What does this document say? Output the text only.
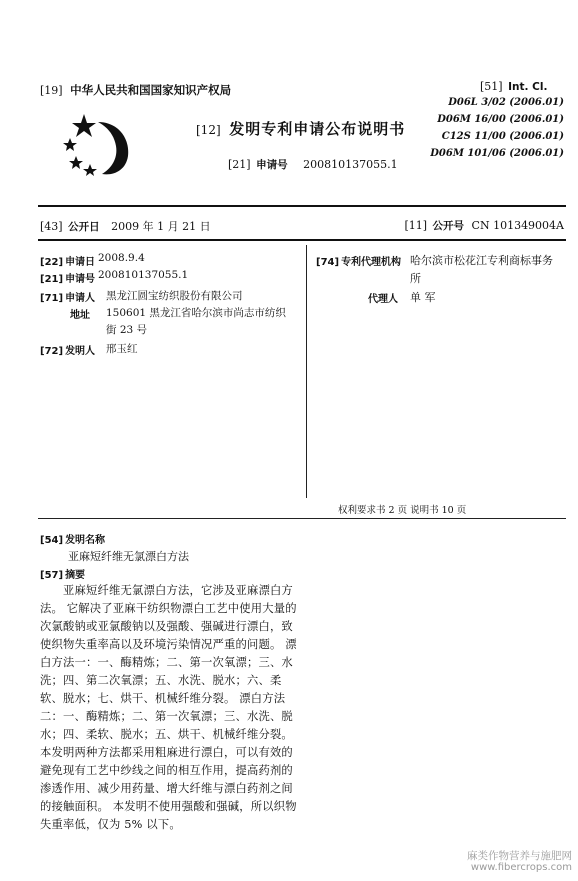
[19] 中华人民共和国国家知识产权局
[12] 发明专利申请公布说明书
[21] 申请号 200810137055.1
[51] Int. Cl.
D06L 3/02 (2006.01)
D06M 16/00 (2006.01)
C12S 11/00 (2006.01)
D06M 101/06 (2006.01)
[43] 公开日 2009 年 1 月 21 日	[11] 公开号 CN 101349004A
[22] 申请日 2008.9.4
[21] 申请号 200810137055.1
[71] 申请人 黑龙江圆宝纺织股份有限公司
地址 150601 黑龙江省哈尔滨市尚志市纺织
街 23 号
[72] 发明人 邢玉红
[74] 专利代理机构 哈尔滨市松花江专利商标事务
所
代理人 单 军
权利要求书 2 页 说明书 10 页
[54] 发明名称
亚麻短纤维无氯漂白方法
[57] 摘要
　　亚麻短纤维无氯漂白方法，它涉及亚麻漂白方
法。 它解决了亚麻干纺织物漂白工艺中使用大量的
次氯酸钠或亚氯酸钠以及强酸、强碱进行漂白，致
使织物失重率高以及环境污染情况严重的问题。 漂
白方法一：一、酶精炼；二、第一次氧漂；三、水
洗；四、第二次氧漂；五、水洗、脱水；六、柔
软、脱水；七、烘干、机械纤维分裂。 漂白方法
二：一、酶精炼；二、第一次氧漂；三、水洗、脱
水；四、柔软、脱水；五、烘干、机械纤维分裂。
本发明两种方法都采用粗麻进行漂白，可以有效的
避免现有工艺中纱线之间的相互作用，提高药剂的
渗透作用、减少用药量、增大纤维与漂白药剂之间
的接触面积。 本发明不使用强酸和强碱，所以织物
失重率低，仅为 5% 以下。
麻类作物营养与施肥网
www.fibercrops.com
